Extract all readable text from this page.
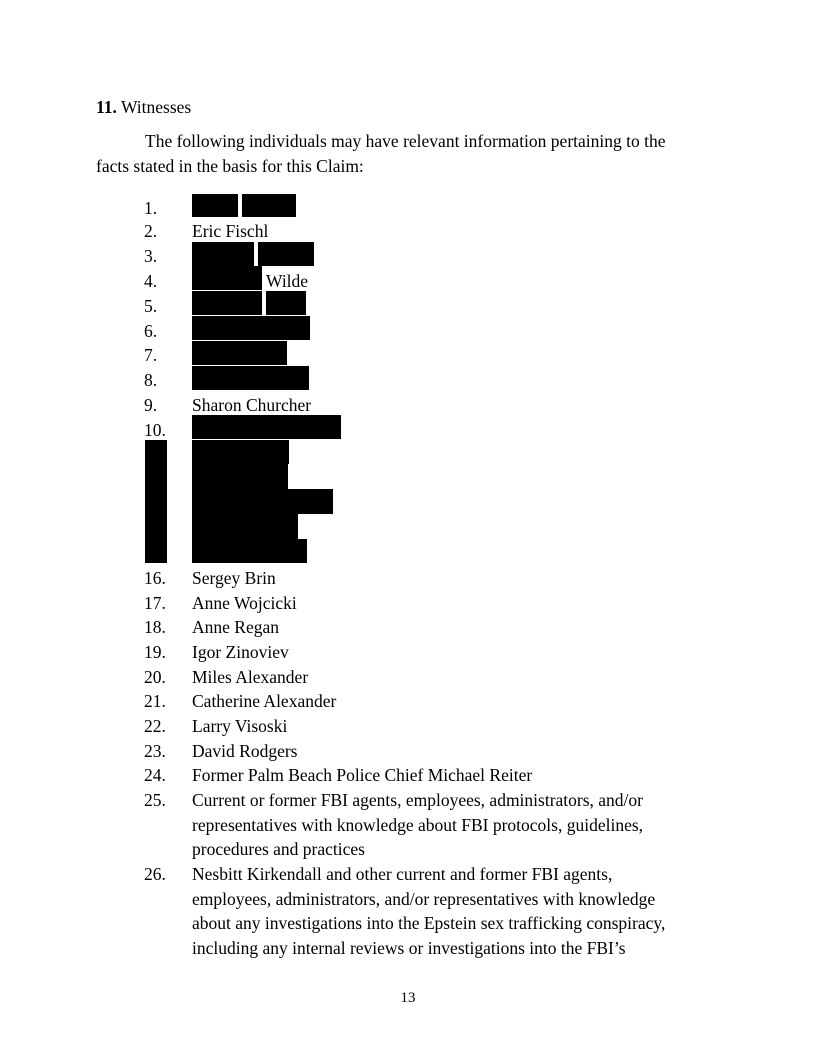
11. Witnesses
The following individuals may have relevant information pertaining to the
facts stated in the basis for this Claim:
1.
2. Eric Fischl
3.
4.	Wilde
5.
6.
7.
8.
9. Sharon Churcher
10.
16. Sergey Brin
17. Anne Wojcicki
18. Anne Regan
19. Igor Zinoviev
20. Miles Alexander
21. Catherine Alexander
22. Larry Visoski
23. David Rodgers
24. Former Palm Beach Police Chief Michael Reiter
25. Current or former FBI agents, employees, administrators, and/or
representatives with knowledge about FBI protocols, guidelines,
procedures and practices
26. Nesbitt Kirkendall and other current and former FBI agents,
employees, administrators, and/or representatives with knowledge
about any investigations into the Epstein sex trafficking conspiracy,
including any internal reviews or investigations into the FBI’s
13
